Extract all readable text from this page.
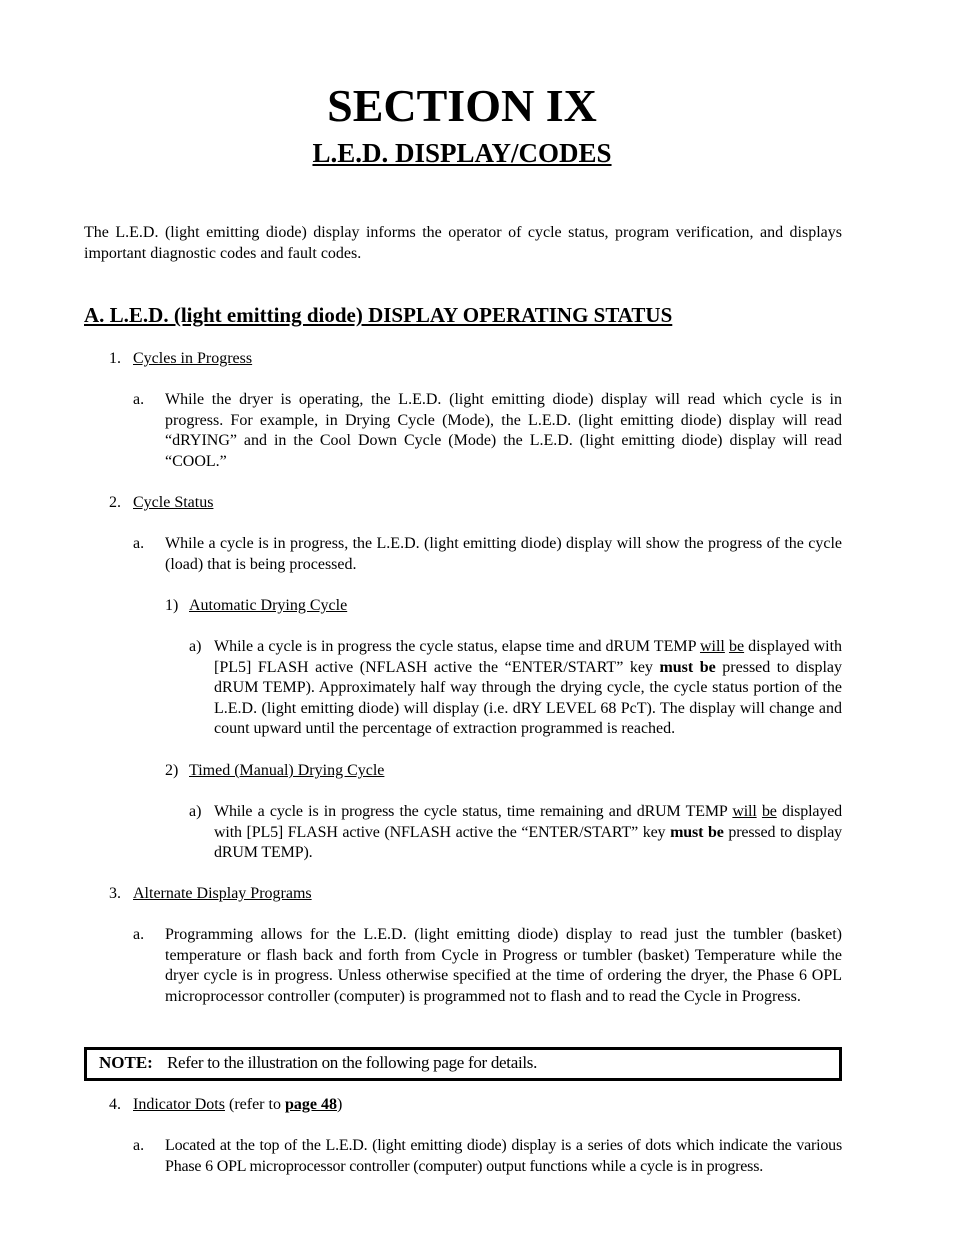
SECTION IX
L.E.D. DISPLAY/CODES

The L.E.D. (light emitting diode) display informs the operator of cycle status, program verification, and displays important diagnostic codes and fault codes.

A. L.E.D. (light emitting diode) DISPLAY OPERATING STATUS
1. Cycles in Progress
a. While the dryer is operating, the L.E.D. (light emitting diode) display will read which cycle is in progress. For example, in Drying Cycle (Mode), the L.E.D. (light emitting diode) display will read “dRYING” and in the Cool Down Cycle (Mode) the L.E.D. (light emitting diode) display will read “COOL.”
2. Cycle Status
a. While a cycle is in progress, the L.E.D. (light emitting diode) display will show the progress of the cycle (load) that is being processed.
1) Automatic Drying Cycle
a) While a cycle is in progress the cycle status, elapse time and dRUM TEMP will be displayed with [PL5] FLASH active (NFLASH active the “ENTER/START” key must be pressed to display dRUM TEMP). Approximately half way through the drying cycle, the cycle status portion of the L.E.D. (light emitting diode) will display (i.e. dRY LEVEL 68 PcT). The display will change and count upward until the percentage of extraction programmed is reached.
2) Timed (Manual) Drying Cycle
a) While a cycle is in progress the cycle status, time remaining and dRUM TEMP will be displayed with [PL5] FLASH active (NFLASH active the “ENTER/START” key must be pressed to display dRUM TEMP).
3. Alternate Display Programs
a. Programming allows for the L.E.D. (light emitting diode) display to read just the tumbler (basket) temperature or flash back and forth from Cycle in Progress or tumbler (basket) Temperature while the dryer cycle is in progress. Unless otherwise specified at the time of ordering the dryer, the Phase 6 OPL microprocessor controller (computer) is programmed not to flash and to read the Cycle in Progress.
NOTE: Refer to the illustration on the following page for details.
4. Indicator Dots (refer to page 48)
a. Located at the top of the L.E.D. (light emitting diode) display is a series of dots which indicate the various Phase 6 OPL microprocessor controller (computer) output functions while a cycle is in progress.
